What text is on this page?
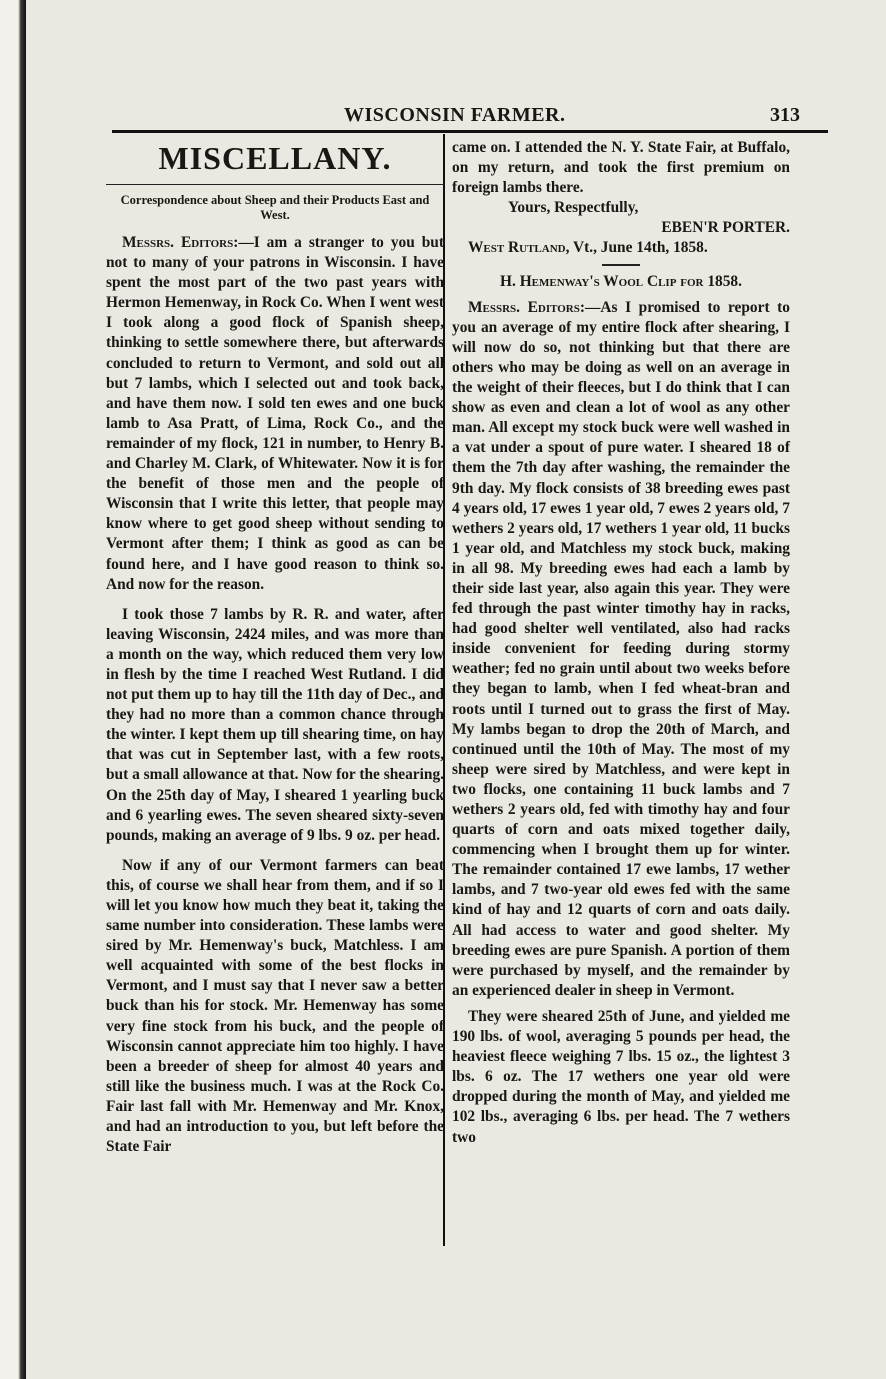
WISCONSIN FARMER.	313
MISCELLANY.
Correspondence about Sheep and their Products East and West.

Messrs. Editors:—I am a stranger to you but not to many of your patrons in Wisconsin. I have spent the most part of the two past years with Hermon Hemenway, in Rock Co. When I went west I took along a good flock of Spanish sheep, thinking to settle somewhere there, but afterwards concluded to return to Vermont, and sold out all but 7 lambs, which I selected out and took back, and have them now. I sold ten ewes and one buck lamb to Asa Pratt, of Lima, Rock Co., and the remainder of my flock, 121 in number, to Henry B. and Charley M. Clark, of Whitewater. Now it is for the benefit of those men and the people of Wisconsin that I write this letter, that people may know where to get good sheep without sending to Vermont after them; I think as good as can be found here, and I have good reason to think so. And now for the reason.

I took those 7 lambs by R. R. and water, after leaving Wisconsin, 2424 miles, and was more than a month on the way, which reduced them very low in flesh by the time I reached West Rutland. I did not put them up to hay till the 11th day of Dec., and they had no more than a common chance through the winter. I kept them up till shearing time, on hay that was cut in September last, with a few roots, but a small allowance at that. Now for the shearing. On the 25th day of May, I sheared 1 yearling buck and 6 yearling ewes. The seven sheared sixty-seven pounds, making an average of 9 lbs. 9 oz. per head.

Now if any of our Vermont farmers can beat this, of course we shall hear from them, and if so I will let you know how much they beat it, taking the same number into consideration. These lambs were sired by Mr. Hemenway's buck, Matchless. I am well acquainted with some of the best flocks in Vermont, and I must say that I never saw a better buck than his for stock. Mr. Hemenway has some very fine stock from his buck, and the people of Wisconsin cannot appreciate him too highly. I have been a breeder of sheep for almost 40 years and still like the business much. I was at the Rock Co. Fair last fall with Mr. Hemenway and Mr. Knox, and had an introduction to you, but left before the State Fair

came on. I attended the N. Y. State Fair, at Buffalo, on my return, and took the first premium on foreign lambs there.

Yours, Respectfully,

EBEN'R PORTER.

West Rutland, Vt., June 14th, 1858.

H. Hemenway's Wool Clip for 1858.

Messrs. Editors:—As I promised to report to you an average of my entire flock after shearing, I will now do so, not thinking but that there are others who may be doing as well on an average in the weight of their fleeces, but I do think that I can show as even and clean a lot of wool as any other man. All except my stock buck were well washed in a vat under a spout of pure water. I sheared 18 of them the 7th day after washing, the remainder the 9th day. My flock consists of 38 breeding ewes past 4 years old, 17 ewes 1 year old, 7 ewes 2 years old, 7 wethers 2 years old, 17 wethers 1 year old, 11 bucks 1 year old, and Matchless my stock buck, making in all 98. My breeding ewes had each a lamb by their side last year, also again this year. They were fed through the past winter timothy hay in racks, had good shelter well ventilated, also had racks inside convenient for feeding during stormy weather; fed no grain until about two weeks before they began to lamb, when I fed wheat-bran and roots until I turned out to grass the first of May. My lambs began to drop the 20th of March, and continued until the 10th of May. The most of my sheep were sired by Matchless, and were kept in two flocks, one containing 11 buck lambs and 7 wethers 2 years old, fed with timothy hay and four quarts of corn and oats mixed together daily, commencing when I brought them up for winter. The remainder contained 17 ewe lambs, 17 wether lambs, and 7 two-year old ewes fed with the same kind of hay and 12 quarts of corn and oats daily. All had access to water and good shelter. My breeding ewes are pure Spanish. A portion of them were purchased by myself, and the remainder by an experienced dealer in sheep in Vermont.

They were sheared 25th of June, and yielded me 190 lbs. of wool, averaging 5 pounds per head, the heaviest fleece weighing 7 lbs. 15 oz., the lightest 3 lbs. 6 oz. The 17 wethers one year old were dropped during the month of May, and yielded me 102 lbs., averaging 6 lbs. per head. The 7 wethers two
